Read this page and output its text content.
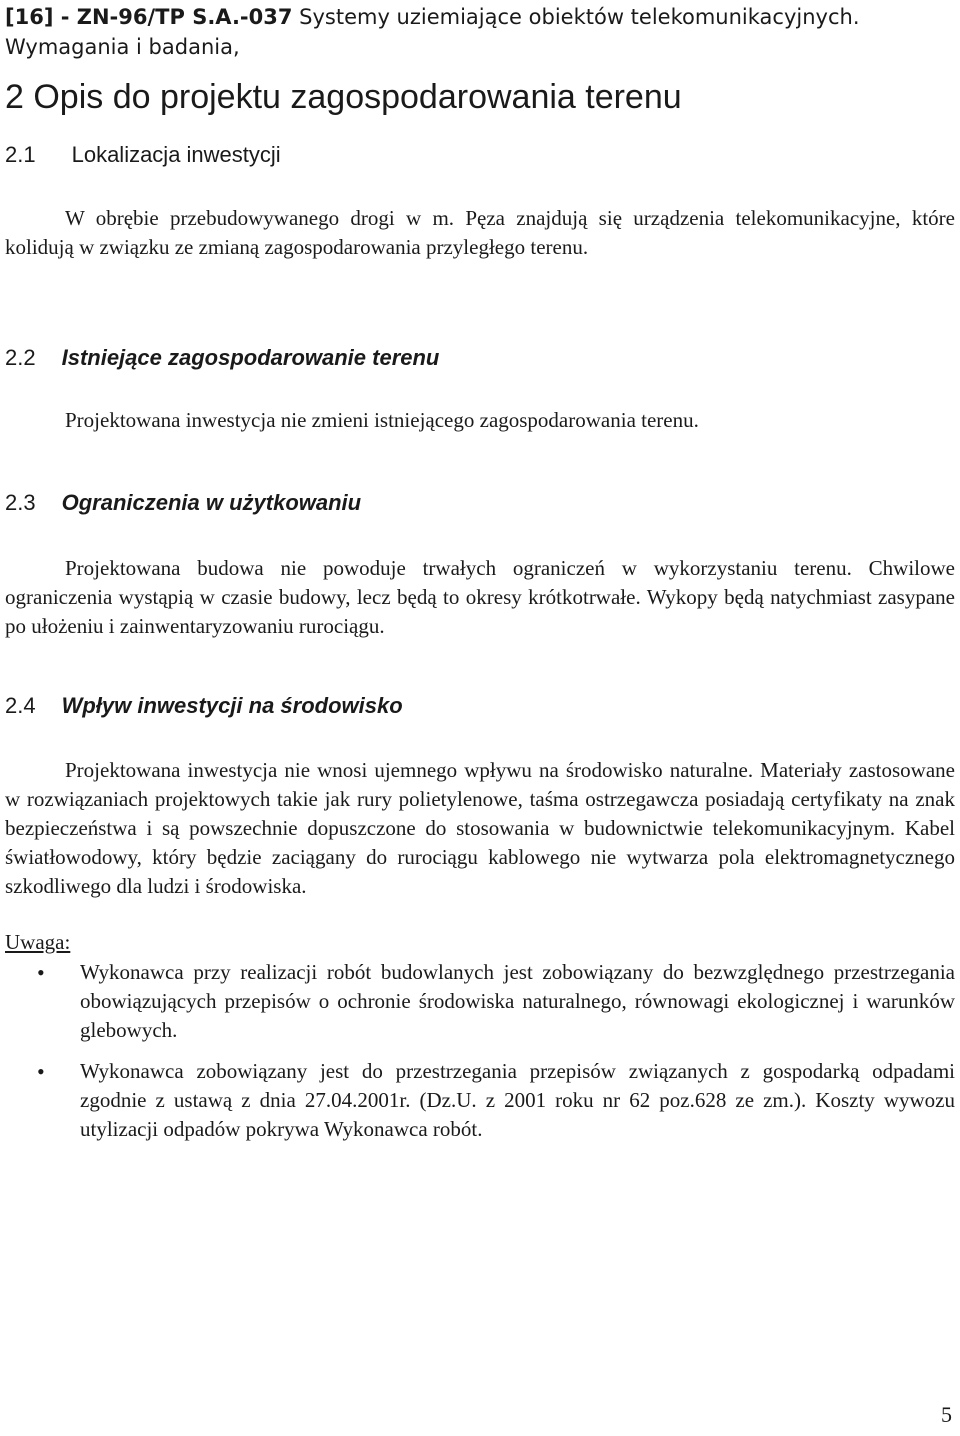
[16] - ZN-96/TP S.A.-037 Systemy uziemiające obiektów telekomunikacyjnych. Wymagania i badania,
2 Opis do projektu zagospodarowania terenu
2.1 Lokalizacja inwestycji

W obrębie przebudowywanego drogi w m. Pęza znajdują się urządzenia telekomunikacyjne, które kolidują w związku ze zmianą zagospodarowania przyległego terenu.

2.2 Istniejące zagospodarowanie terenu

Projektowana inwestycja nie zmieni istniejącego zagospodarowania terenu.

2.3 Ograniczenia w użytkowaniu

Projektowana budowa nie powoduje trwałych ograniczeń w wykorzystaniu terenu. Chwilowe ograniczenia wystąpią w czasie budowy, lecz będą to okresy krótkotrwałe. Wykopy będą natychmiast zasypane po ułożeniu i zainwentaryzowaniu rurociągu.

2.4 Wpływ inwestycji na środowisko

Projektowana inwestycja nie wnosi ujemnego wpływu na środowisko naturalne. Materiały zastosowane w rozwiązaniach projektowych takie jak rury polietylenowe, taśma ostrzegawcza posiadają certyfikaty na znak bezpieczeństwa i są powszechnie dopuszczone do stosowania w budownictwie telekomunikacyjnym. Kabel światłowodowy, który będzie zaciągany do rurociągu kablowego nie wytwarza pola elektromagnetycznego szkodliwego dla ludzi i środowiska.

Uwaga:

• Wykonawca przy realizacji robót budowlanych jest zobowiązany do bezwzględnego przestrzegania obowiązujących przepisów o ochronie środowiska naturalnego, równowagi ekologicznej i warunków glebowych.
• Wykonawca zobowiązany jest do przestrzegania przepisów związanych z gospodarką odpadami zgodnie z ustawą z dnia 27.04.2001r. (Dz.U. z 2001 roku nr 62 poz.628 ze zm.). Koszty wywozu utylizacji odpadów pokrywa Wykonawca robót.
5
